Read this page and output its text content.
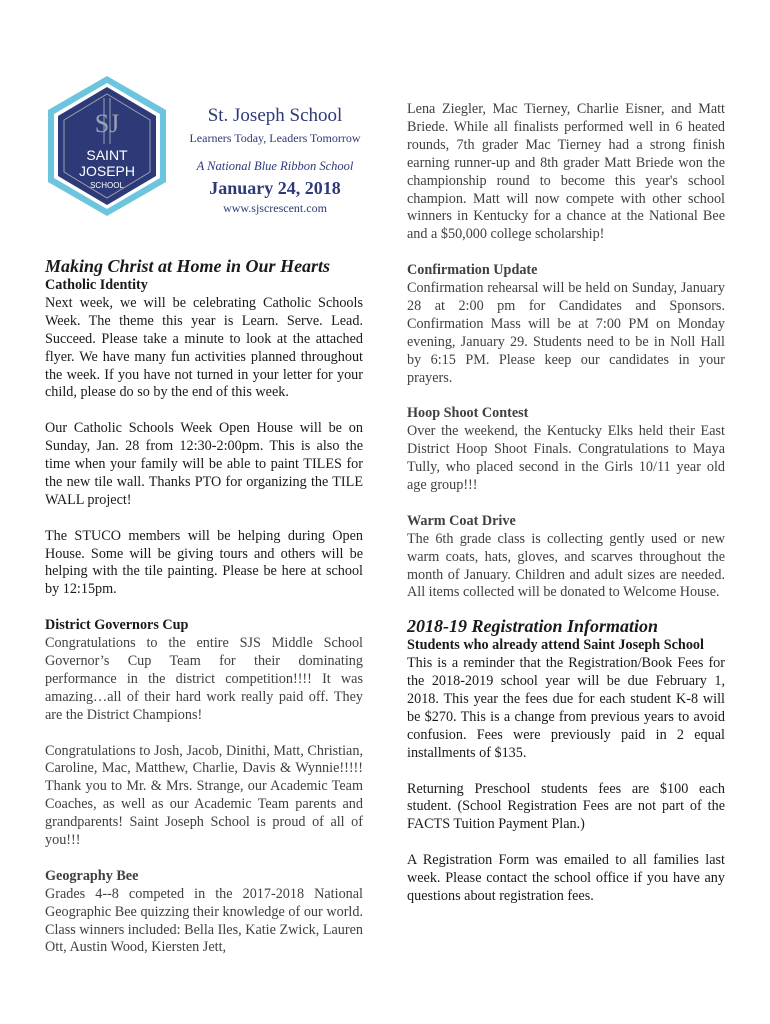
SJ
SAINT
JOSEPH
SCHOOL
St. Joseph School
Learners Today, Leaders Tomorrow
A National Blue Ribbon School
January 24, 2018
www.sjscrescent.com
Making Christ at Home in Our Hearts

Catholic Identity

Next week, we will be celebrating Catholic Schools Week. The theme this year is Learn. Serve. Lead. Succeed. Please take a minute to look at the attached flyer. We have many fun activities planned throughout the week. If you have not turned in your letter for your child, please do so by the end of this week.

Our Catholic Schools Week Open House will be on Sunday, Jan. 28 from 12:30-2:00pm. This is also the time when your family will be able to paint TILES for the new tile wall. Thanks PTO for organizing the TILE WALL project!

The STUCO members will be helping during Open House. Some will be giving tours and others will be helping with the tile painting. Please be here at school by 12:15pm.

District Governors Cup

Congratulations to the entire SJS Middle School Governor’s Cup Team for their dominating performance in the district competition!!!! It was amazing…all of their hard work really paid off. They are the District Champions!

Congratulations to Josh, Jacob, Dinithi, Matt, Christian, Caroline, Mac, Matthew, Charlie, Davis & Wynnie!!!!! Thank you to Mr. & Mrs. Strange, our Academic Team Coaches, as well as our Academic Team parents and grandparents! Saint Joseph School is proud of all of you!!!

Geography Bee

Grades 4--8 competed in the 2017-2018 National Geographic Bee quizzing their knowledge of our world. Class winners included: Bella Iles, Katie Zwick, Lauren Ott, Austin Wood, Kiersten Jett,

Lena Ziegler, Mac Tierney, Charlie Eisner, and Matt Briede. While all finalists performed well in 6 heated rounds, 7th grader Mac Tierney had a strong finish earning runner-up and 8th grader Matt Briede won the championship round to become this year's school champion. Matt will now compete with other school winners in Kentucky for a chance at the National Bee and a $50,000 college scholarship!

Confirmation Update

Confirmation rehearsal will be held on Sunday, January 28 at 2:00 pm for Candidates and Sponsors. Confirmation Mass will be at 7:00 PM on Monday evening, January 29. Students need to be in Noll Hall by 6:15 PM. Please keep our candidates in your prayers.

Hoop Shoot Contest

Over the weekend, the Kentucky Elks held their East District Hoop Shoot Finals. Congratulations to Maya Tully, who placed second in the Girls 10/11 year old age group!!!

Warm Coat Drive

The 6th grade class is collecting gently used or new warm coats, hats, gloves, and scarves throughout the month of January. Children and adult sizes are needed. All items collected will be donated to Welcome House.

2018-19 Registration Information

Students who already attend Saint Joseph School

This is a reminder that the Registration/Book Fees for the 2018-2019 school year will be due February 1, 2018. This year the fees due for each student K-8 will be $270. This is a change from previous years to avoid confusion. Fees were previously paid in 2 equal installments of $135.

Returning Preschool students fees are $100 each student. (School Registration Fees are not part of the FACTS Tuition Payment Plan.)

A Registration Form was emailed to all families last week. Please contact the school office if you have any questions about registration fees.
